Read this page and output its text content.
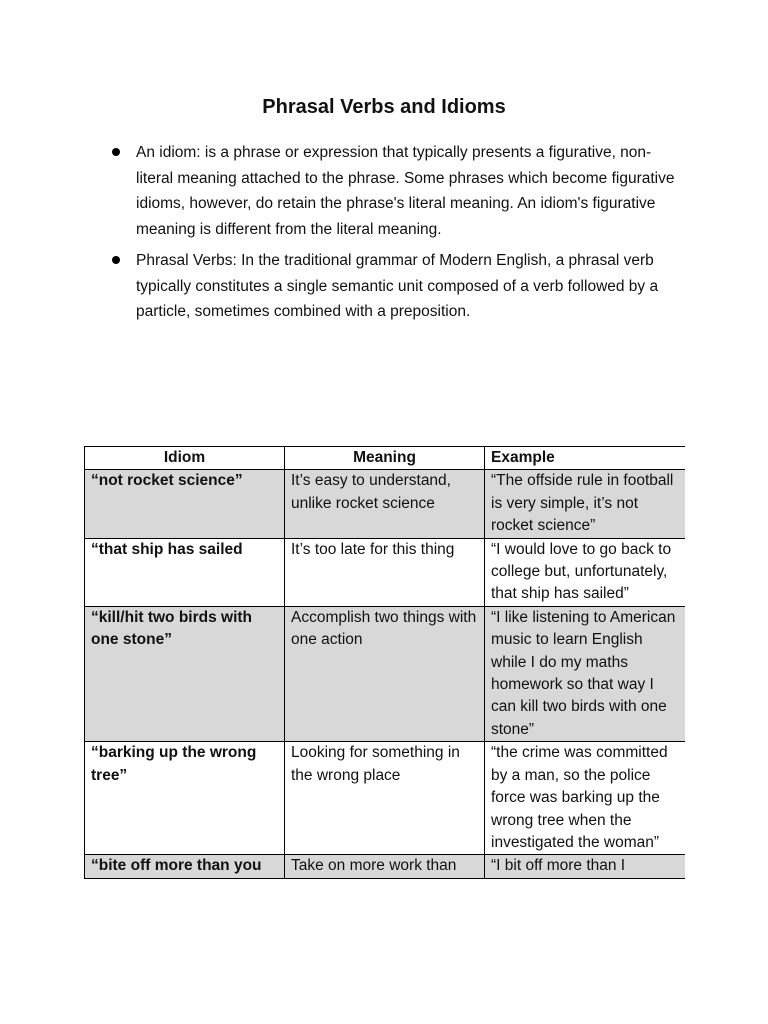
Phrasal Verbs and Idioms
An idiom: is a phrase or expression that typically presents a figurative, non-literal meaning attached to the phrase. Some phrases which become figurative idioms, however, do retain the phrase's literal meaning. An idiom's figurative meaning is different from the literal meaning.
Phrasal Verbs: In the traditional grammar of Modern English, a phrasal verb typically constitutes a single semantic unit composed of a verb followed by a particle, sometimes combined with a preposition.
Idiom	Meaning	Example
“not rocket science”	It’s easy to understand, unlike rocket science	“The offside rule in football is very simple, it’s not rocket science”
“that ship has sailed	It’s too late for this thing	“I would love to go back to college but, unfortunately, that ship has sailed”
“kill/hit two birds with one stone”	Accomplish two things with one action	“I like listening to American music to learn English while I do my maths homework so that way I can kill two birds with one stone”
“barking up the wrong tree”	Looking for something in the wrong place	“the crime was committed by a man, so the police force was barking up the wrong tree when the investigated the woman”
“bite off more than you	Take on more work than	“I bit off more than I
